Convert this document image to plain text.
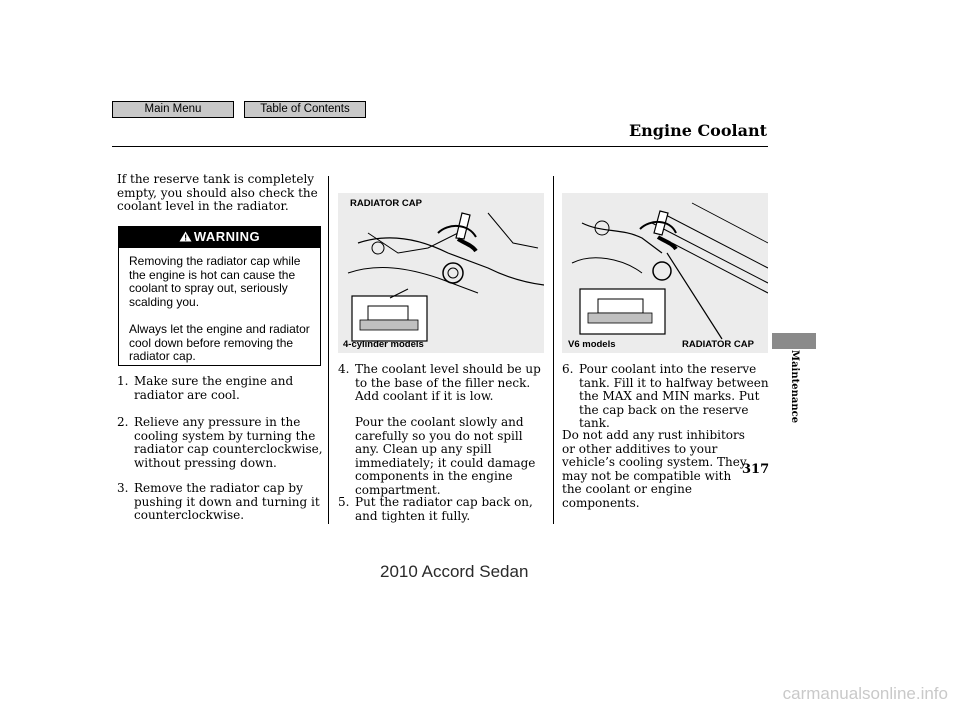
Main Menu	Table of Contents
Engine Coolant
If the reserve tank is completely empty, you should also check the coolant level in the radiator.
WARNING

Removing the radiator cap while the engine is hot can cause the coolant to spray out, seriously scalding you.

Always let the engine and radiator cool down before removing the radiator cap.

1. Make sure the engine and radiator are cool.
2. Relieve any pressure in the cooling system by turning the radiator cap counterclockwise, without pressing down.
3. Remove the radiator cap by pushing it down and turning it counterclockwise.
RADIATOR CAP
4-cylinder models
4. The coolant level should be up to the base of the filler neck. Add coolant if it is low.
Pour the coolant slowly and carefully so you do not spill any. Clean up any spill immediately; it could damage components in the engine compartment.
5. Put the radiator cap back on, and tighten it fully.
V6 models	RADIATOR CAP
6. Pour coolant into the reserve tank. Fill it to halfway between the MAX and MIN marks. Put the cap back on the reserve tank.
Do not add any rust inhibitors or other additives to your vehicle’s cooling system. They may not be compatible with the coolant or engine components.
Maintenance
317
2010 Accord Sedan
carmanualsonline.info
